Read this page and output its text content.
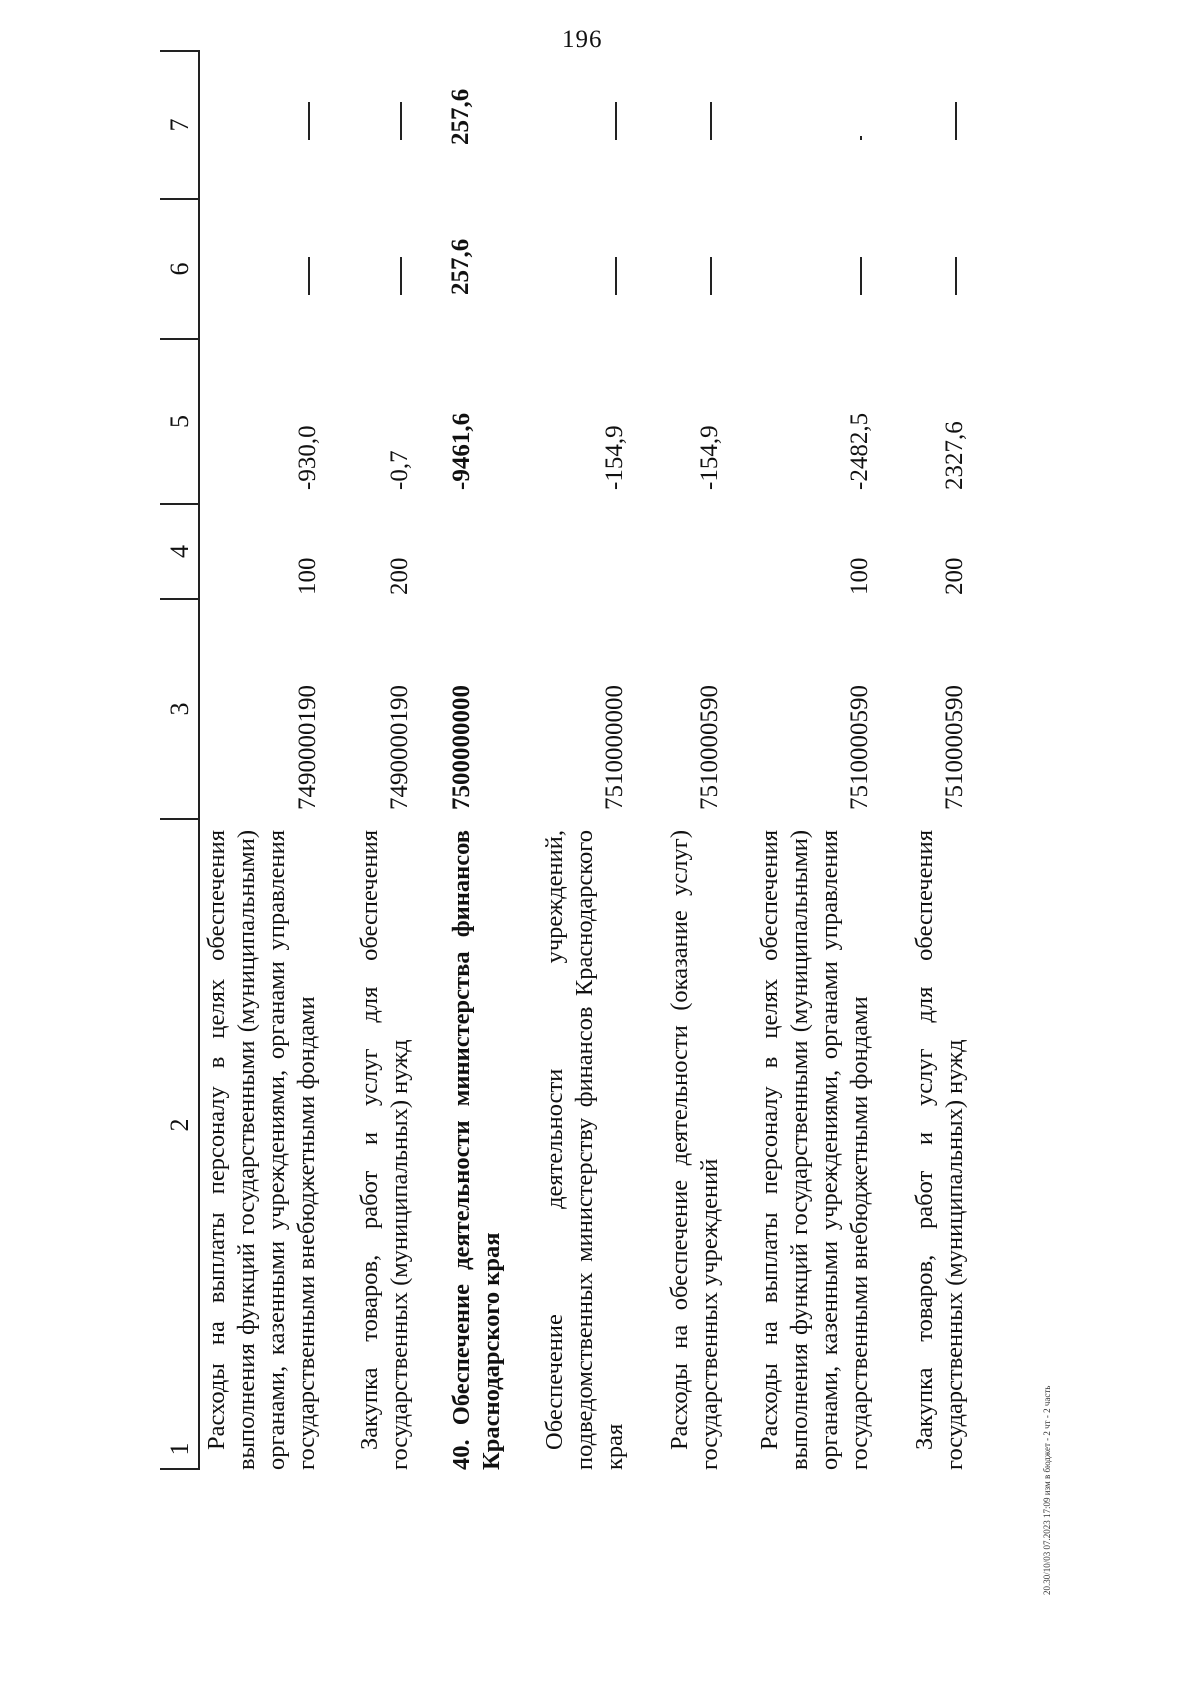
196
1
2
3
4
5
6
7
Расходы на выплаты персоналу в целях обеспечения выполнения функций государственными (муниципальными) органами, казенными учреждениями, органами управления государственными внебюджетными фондами
7490000190
100
-930,0
Закупка товаров, работ и услуг для обеспечения государственных (муниципальных) нужд
7490000190
200
-0,7
40. Обеспечение деятельности министерства финансов Краснодарского края
7500000000
-9461,6
257,6
257,6
Обеспечение деятельности учреждений, подведомственных министерству финансов Краснодарского края
7510000000
-154,9
Расходы на обеспечение деятельности (оказание услуг) государственных учреждений
7510000590
-154,9
Расходы на выплаты персоналу в целях обеспечения выполнения функций государственными (муниципальными) органами, казенными учреждениями, органами управления государственными внебюджетными фондами
7510000590
100
-2482,5
Закупка товаров, работ и услуг для обеспечения государственных (муниципальных) нужд
7510000590
200
2327,6
20.30/10/03 07.2023 17:09 изм в бюджет - 2 чт - 2 часть
